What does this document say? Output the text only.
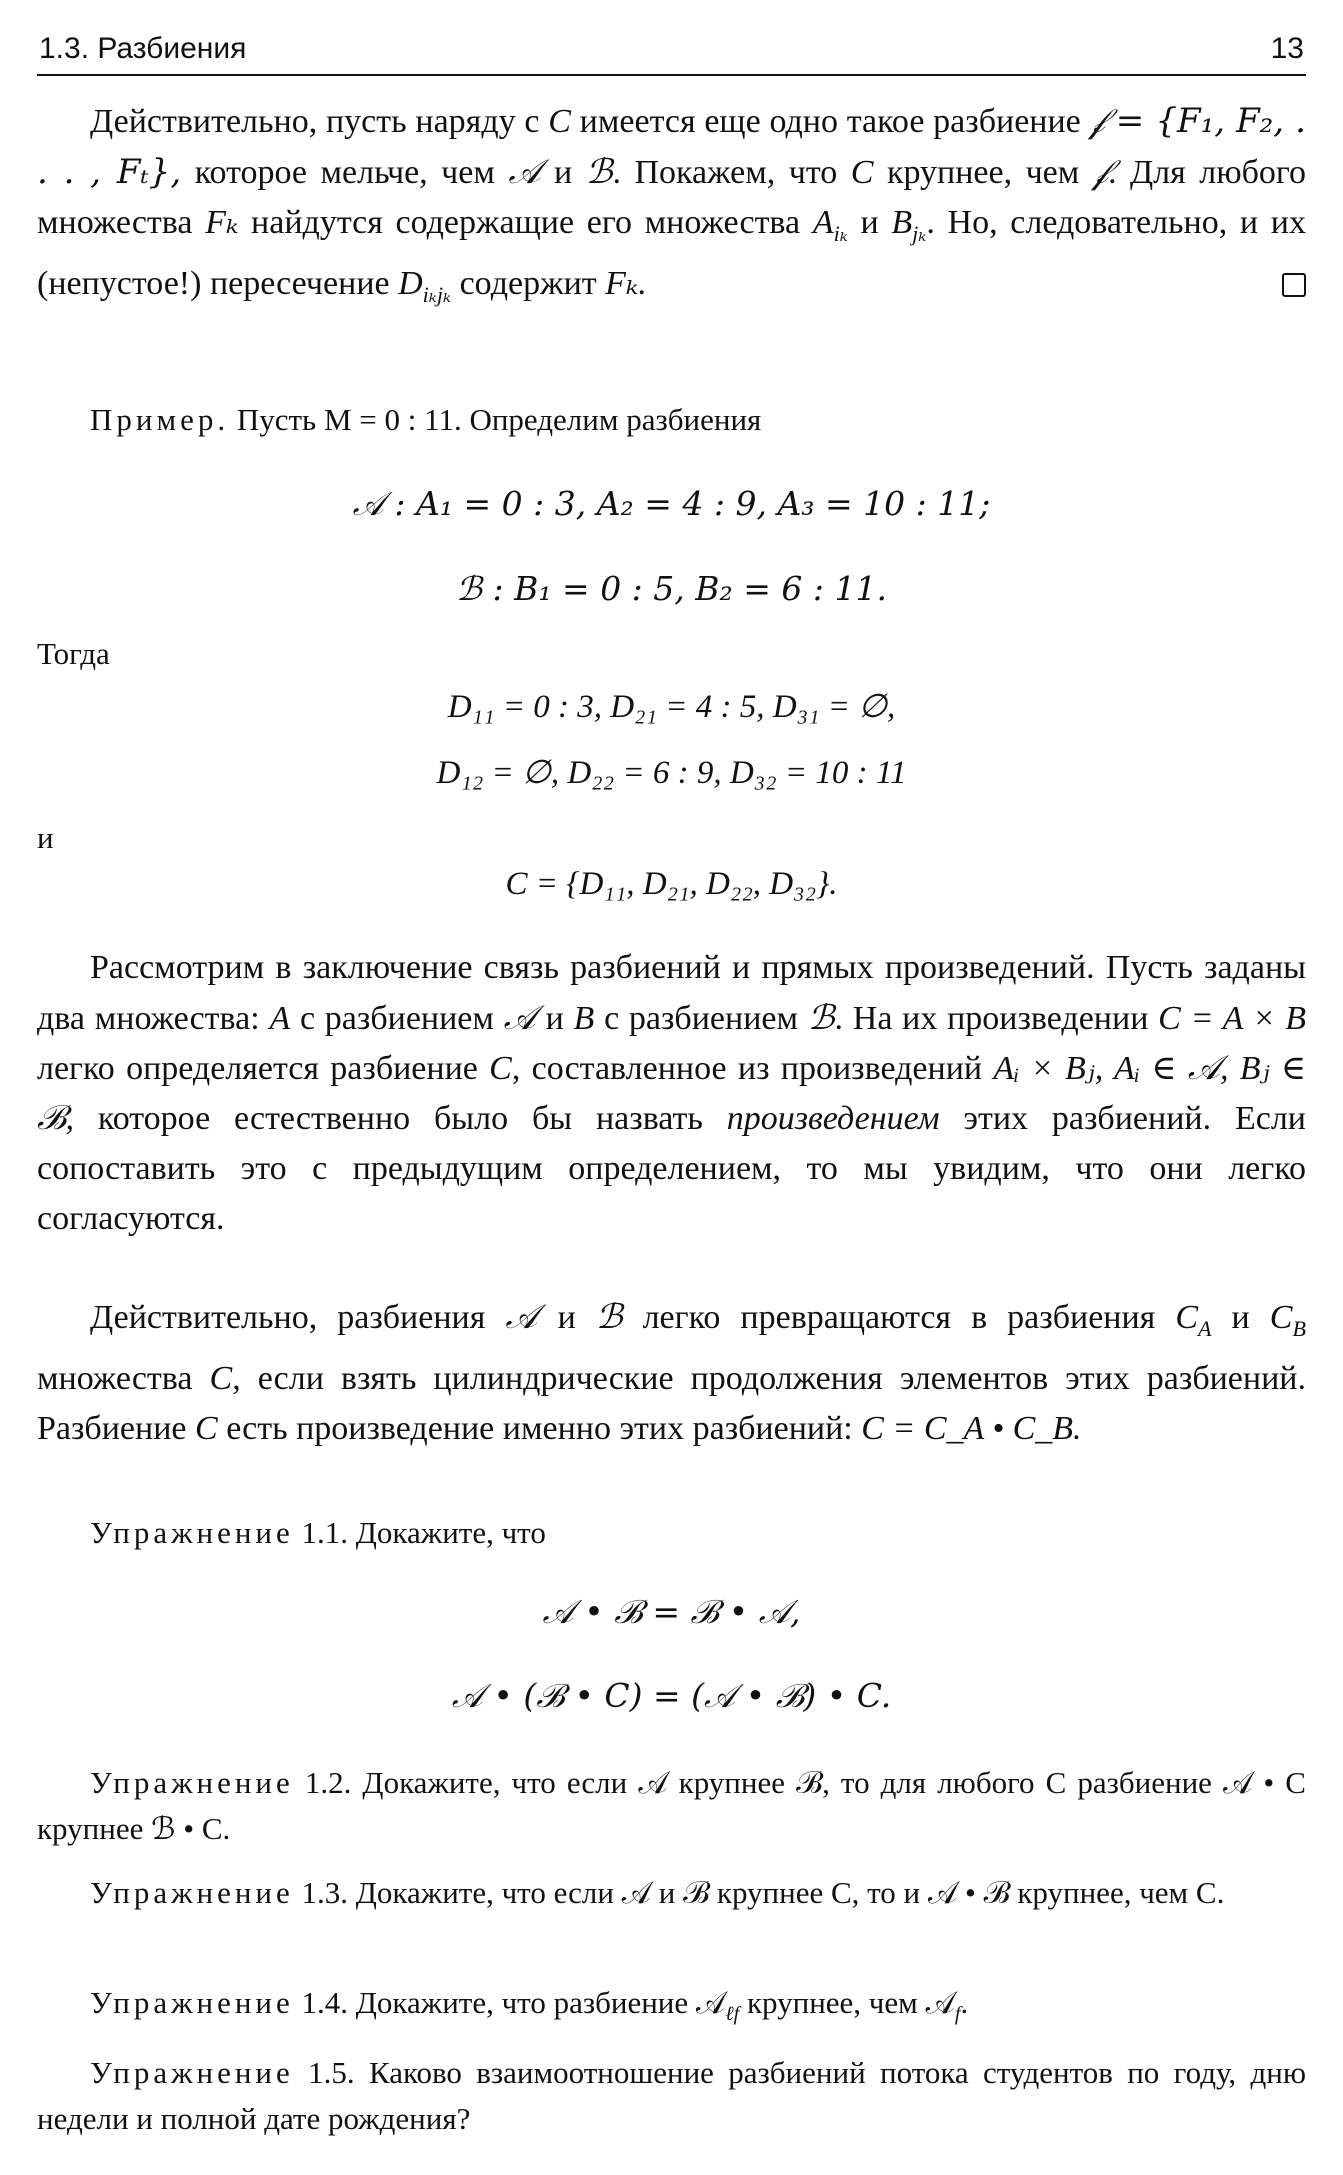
1.3. Разбиения	13

Действительно, пусть наряду с C имеется еще одно такое разбиение 𝒻 = {F₁, F₂, . . . , Fₜ}, которое мельче, чем 𝒜 и ℬ. Покажем, что C крупнее, чем 𝒻. Для любого множества Fₖ найдутся содержащие его множества $A_{i_k}$ и $B_{j_k}$. Но, следовательно, и их (непустое!) пересечение $D_{i_kj_k}$ содержит Fₖ.

Пример. Пусть M = 0 : 11. Определим разбиения

𝒜 : A₁ = 0 : 3, A₂ = 4 : 9, A₃ = 10 : 11;
ℬ : B₁ = 0 : 5, B₂ = 6 : 11.
Тогда
D₁₁ = 0 : 3, D₂₁ = 4 : 5, D₃₁ = ∅,
D₁₂ = ∅, D₂₂ = 6 : 9, D₃₂ = 10 : 11
и
C = {D₁₁, D₂₁, D₂₂, D₃₂}.

Рассмотрим в заключение связь разбиений и прямых произведений. Пусть заданы два множества: A с разбиением 𝒜 и B с разбиением ℬ. На их произведении C = A × B легко определяется разбиение C, составленное из произведений Aᵢ × Bⱼ, Aᵢ ∈ 𝒜, Bⱼ ∈ ℬ, которое естественно было бы назвать произведением этих разбиений. Если сопоставить это с предыдущим определением, то мы увидим, что они легко согласуются.

Действительно, разбиения 𝒜 и ℬ легко превращаются в разбиения $C_A$ и $C_B$ множества C, если взять цилиндрические продолжения элементов этих разбиений. Разбиение C есть произведение именно этих разбиений: C = C_A • C_B.

Упражнение 1.1. Докажите, что

𝒜 • ℬ = ℬ • 𝒜,
𝒜 • (ℬ • C) = (𝒜 • ℬ) • C.

Упражнение 1.2. Докажите, что если 𝒜 крупнее ℬ, то для любого C разбиение 𝒜 • C крупнее ℬ • C.

Упражнение 1.3. Докажите, что если 𝒜 и ℬ крупнее C, то и 𝒜 • ℬ крупнее, чем C.

Упражнение 1.4. Докажите, что разбиение 𝒜$_{\ell f}$ крупнее, чем 𝒜$_f$.

Упражнение 1.5. Каково взаимоотношение разбиений потока студентов по году, дню недели и полной дате рождения?
